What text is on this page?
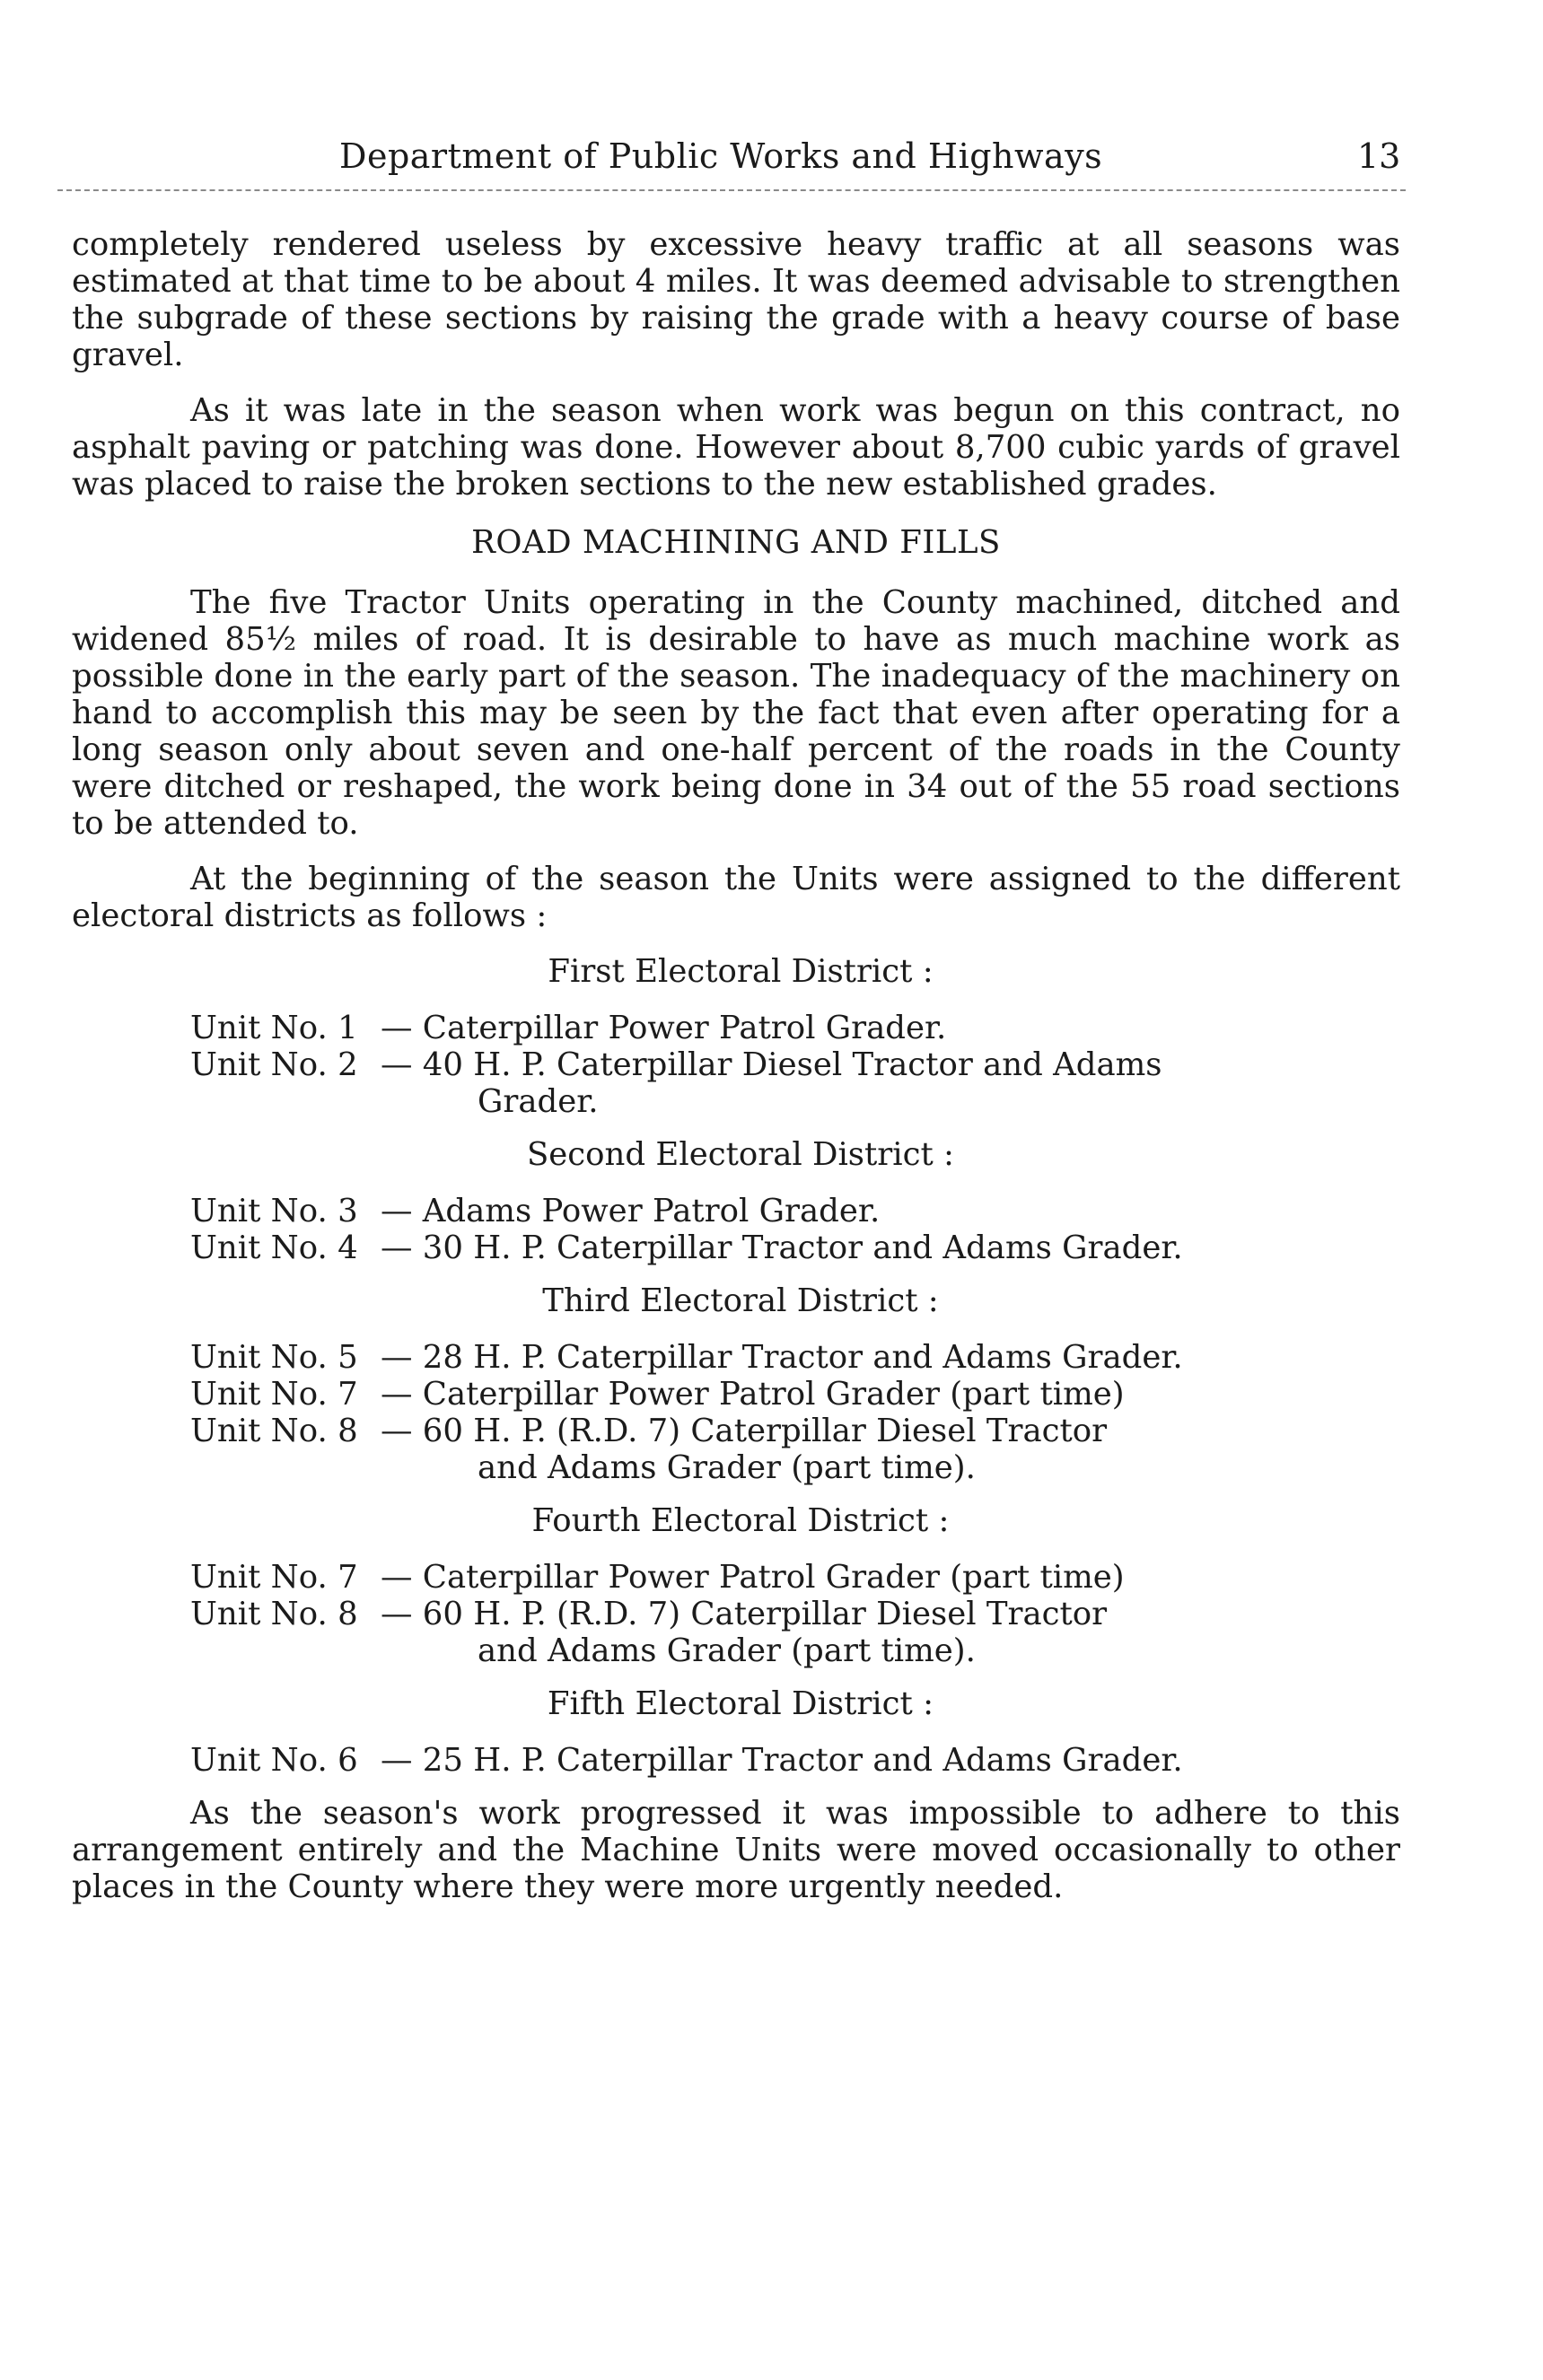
Department of Public Works and Highways	13

completely rendered useless by excessive heavy traffic at all seasons was estimated at that time to be about 4 miles. It was deemed advisable to strengthen the subgrade of these sections by raising the grade with a heavy course of base gravel.

As it was late in the season when work was begun on this contract, no asphalt paving or patching was done. However about 8,700 cubic yards of gravel was placed to raise the broken sections to the new established grades.

ROAD MACHINING AND FILLS

The five Tractor Units operating in the County machined, ditched and widened 85½ miles of road. It is desirable to have as much machine work as possible done in the early part of the season. The inadequacy of the machinery on hand to accomplish this may be seen by the fact that even after operating for a long season only about seven and one-half percent of the roads in the County were ditched or reshaped, the work being done in 34 out of the 55 road sections to be attended to.

At the beginning of the season the Units were assigned to the different electoral districts as follows :

First Electoral District :
Unit No. 1 — Caterpillar Power Patrol Grader.
Unit No. 2 — 40 H. P. Caterpillar Diesel Tractor and Adams
Grader.
Second Electoral District :
Unit No. 3 — Adams Power Patrol Grader.
Unit No. 4 — 30 H. P. Caterpillar Tractor and Adams Grader.
Third Electoral District :
Unit No. 5 — 28 H. P. Caterpillar Tractor and Adams Grader.
Unit No. 7 — Caterpillar Power Patrol Grader (part time)
Unit No. 8 — 60 H. P. (R.D. 7) Caterpillar Diesel Tractor
and Adams Grader (part time).
Fourth Electoral District :
Unit No. 7 — Caterpillar Power Patrol Grader (part time)
Unit No. 8 — 60 H. P. (R.D. 7) Caterpillar Diesel Tractor
and Adams Grader (part time).
Fifth Electoral District :
Unit No. 6 — 25 H. P. Caterpillar Tractor and Adams Grader.

As the season's work progressed it was impossible to adhere to this arrangement entirely and the Machine Units were moved occasionally to other places in the County where they were more urgently needed.
